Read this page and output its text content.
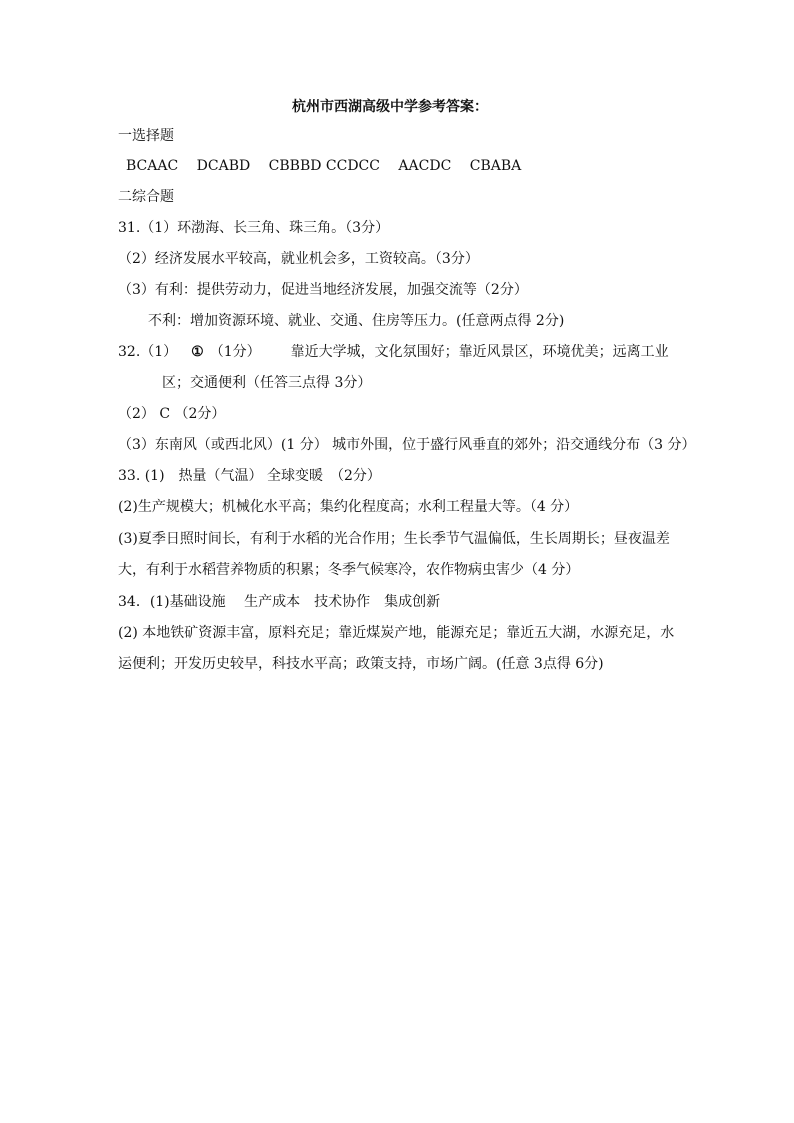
杭州市西湖高级中学参考答案：
一选择题
BCAAC　 DCABD　 CBBBD CCDCC　 AACDC　 CBABA
二综合题
31.（1）环渤海、长三角、珠三角。（3分）
（2）经济发展水平较高，就业机会多，工资较高。（3分）
（3）有利：提供劳动力，促进当地经济发展，加强交流等（2分）
不利：增加资源环境、就业、交通、住房等压力。(任意两点得 2分)
32.（1） ① （1分） 靠近大学城，文化氛围好；靠近风景区，环境优美；远离工业
区；交通便利（任答三点得 3分）
（2） C （2分）
（3）东南风（或西北风）(1 分） 城市外围，位于盛行风垂直的郊外；沿交通线分布（3 分）
33. (1)　热量（气温） 全球变暖　（2分）
(2)生产规模大；机械化水平高；集约化程度高；水利工程量大等。（4 分）
(3)夏季日照时间长，有利于水稻的光合作用；生长季节气温偏低，生长周期长；昼夜温差
大，有利于水稻营养物质的积累；冬季气候寒冷，农作物病虫害少（4 分）
34．(1)基础设施　 生产成本　技术协作　集成创新
(2) 本地铁矿资源丰富，原料充足；靠近煤炭产地，能源充足；靠近五大湖，水源充足，水
运便利；开发历史较早，科技水平高；政策支持，市场广阔。(任意 3点得 6分)
